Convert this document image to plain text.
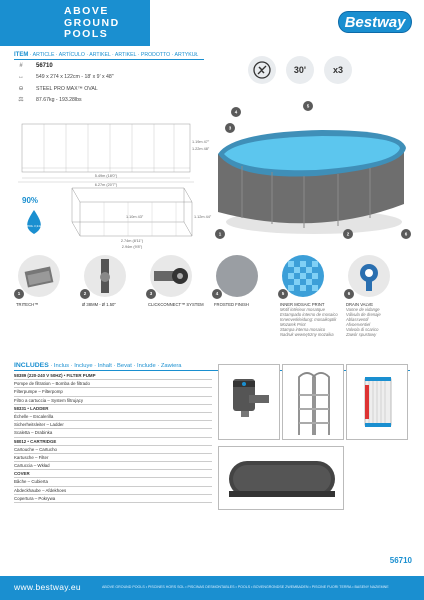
ABOVE
GROUND
POOLS
Bestway
ITEM · ARTICLE · ARTÍCULO · ARTIKEL · ARTIKEL · PRODOTTO · ARTYKUŁ
#	56710
↔	549 x 274 x 122cm - 18' x 9' x 48"
⊖	STEEL PRO MAX™ OVAL
⚖	87.67kg - 193.28lbs
30'	x3
5.49m (18'0")
6.27m (20'7")
1.19m 47"
1.22m 48"
90%
12,650L 3,342gal
2.74m (8'11")
2.94m (9'8")
1.10m 43"	1.12m 44"
1	2
3
4
5
6
1
TRITECH™
2
Ø 38MM - Ø 1.50"
3
CLICKCONNECT™ SYSTEM
4
FROSTED FINISH
5
INNER MOSAIC PRINT
Motif intérieur mosaïque
Estampado interno de mosaico
Innenverkleidung: mosaikoptik
Mozaïek Print
Stampa interna mosaico
Nadruk wewnętrzny mozaika
6
DRAIN VALVE
Vanne de vidange
Válvula de drenaje
Ablassventil
Afvoerventiel
Valvola di scarico
Zawór spustowy
INCLUDES · Inclus · Incluye · Inhalt · Bevat · Include · Zawiera
58389 (220-240 V 50HZ) • FILTER PUMP
Pompe de filtration – Bomba de filtrado
Filterpumpe – Filterpomp
Filtro a cartuccia – System filtrujący
58331 • LADDER
Échelle – Escalerilla
Sicherheitsleiter – Ladder
Scaletta – Drabinka
58012 • CARTRIDGE
Cartouche – Cartucho
Kartusche – Filter
Cartuccia – Wkład
COVER
Bâche – Cubierta
Abdeckhaube – Afdekhoes
Copertura – Pokrywa
56710
www.bestway.eu	ABOVE GROUND POOLS • PISCINES HORS SOL • PISCINAS DESMONTABLES • POOLS • BOVENGRONDSE ZWEMBADEN • PISCINE FUORI TERRA • BASENY NAZIEMNE
